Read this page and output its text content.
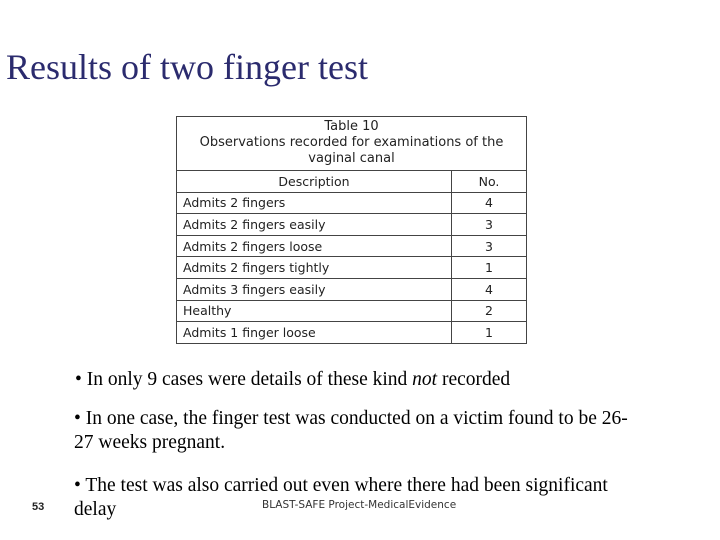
Results of two finger test
Table 10
Observations recorded for examinations of the
vaginal canal	

Description	No.
Admits 2 fingers	4
Admits 2 fingers easily	3
Admits 2 fingers loose	3
Admits 2 fingers tightly	1
Admits 3 fingers easily	4
Healthy	2
Admits 1 finger loose	1
• In only 9 cases were details of these kind not recorded
• In one case, the finger test was conducted on a victim found to be 26-27 weeks pregnant.
• The test was also carried out even where there had been significant delay
53	BLAST-SAFE Project-MedicalEvidence
